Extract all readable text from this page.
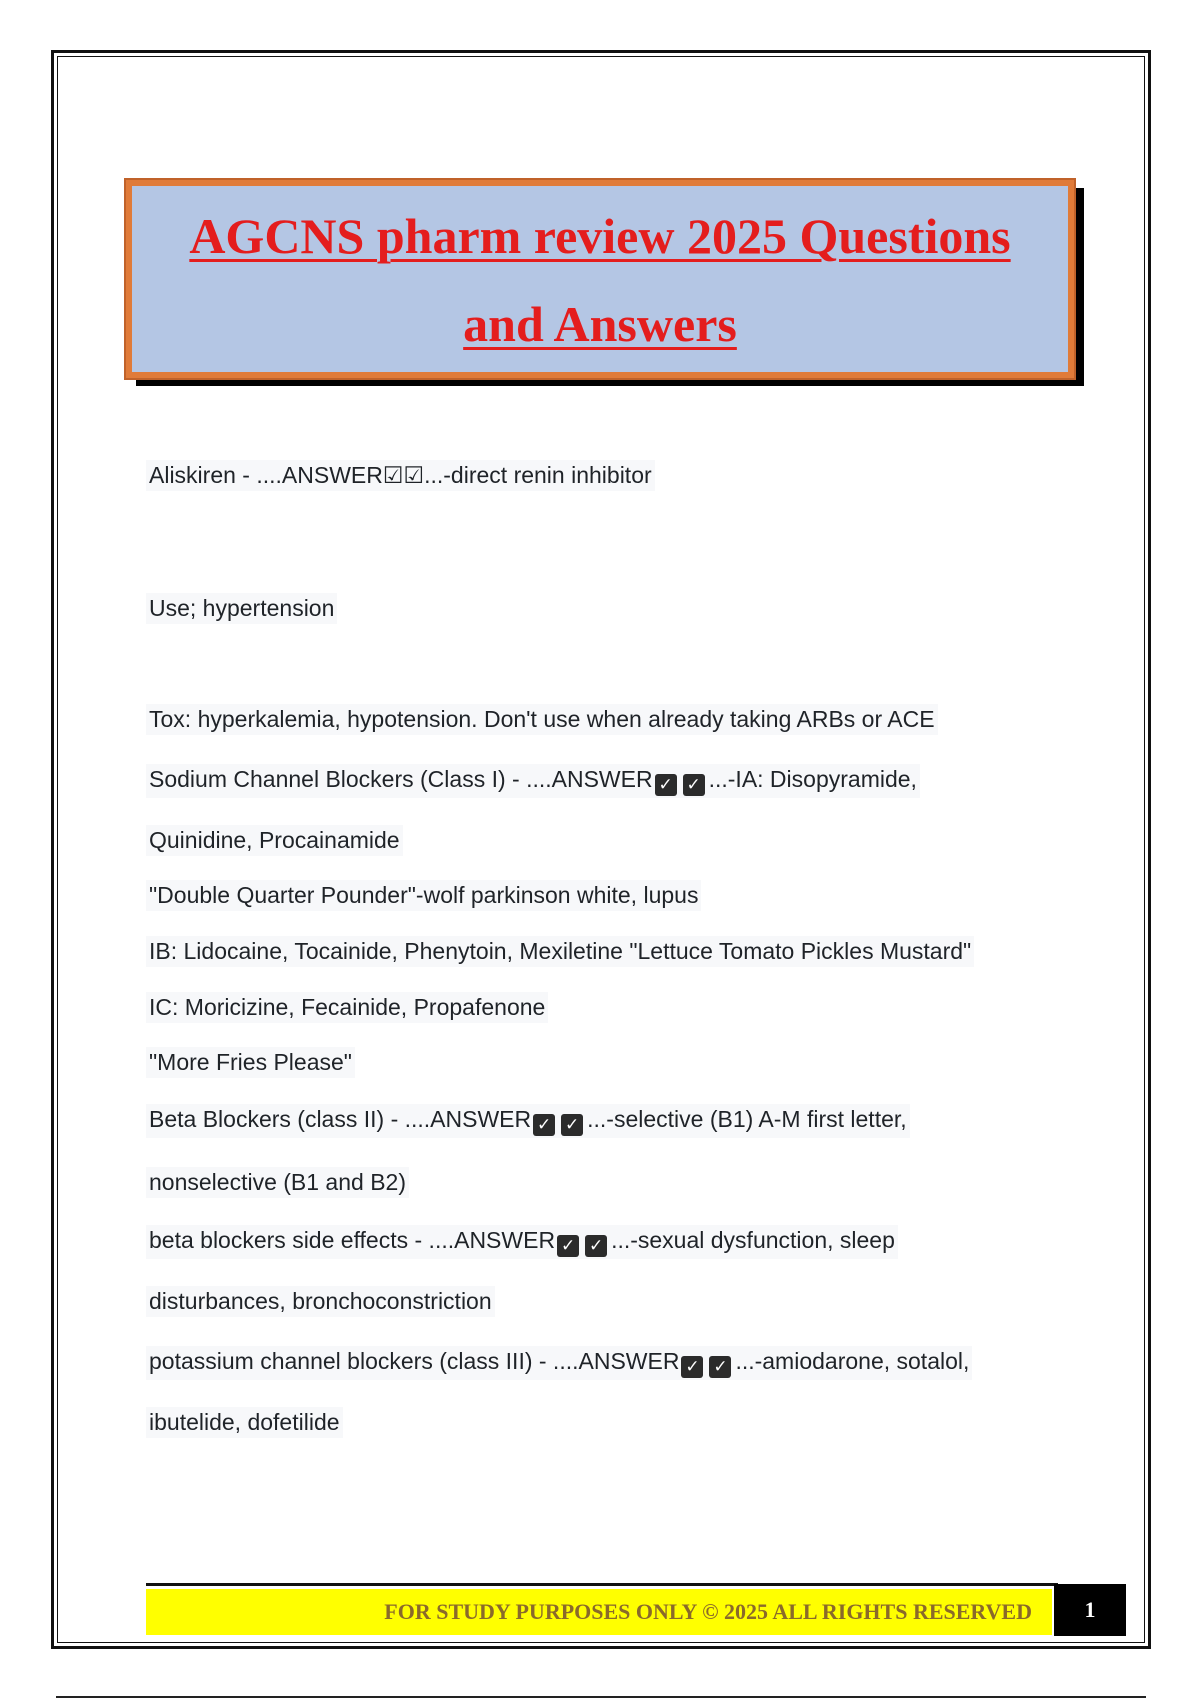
AGCNS pharm review 2025 Questions
and Answers
Aliskiren - ....ANSWER☑☑...-direct renin inhibitor
Use; hypertension
Tox: hyperkalemia, hypotension. Don't use when already taking ARBs or ACE
Sodium Channel Blockers (Class I) - ....ANSWER ✓ ✓ ...-IA: Disopyramide,
Quinidine, Procainamide
"Double Quarter Pounder"-wolf parkinson white, lupus
IB: Lidocaine, Tocainide, Phenytoin, Mexiletine "Lettuce Tomato Pickles Mustard"
IC: Moricizine, Fecainide, Propafenone
"More Fries Please"
Beta Blockers (class II) - ....ANSWER ✓ ✓ ...-selective (B1) A-M first letter,
nonselective (B1 and B2)
beta blockers side effects - ....ANSWER ✓ ✓ ...-sexual dysfunction, sleep
disturbances, bronchoconstriction
potassium channel blockers (class III) - ....ANSWER ✓ ✓ ...-amiodarone, sotalol,
ibutelide, dofetilide
FOR STUDY PURPOSES ONLY © 2025 ALL RIGHTS RESERVED	1
